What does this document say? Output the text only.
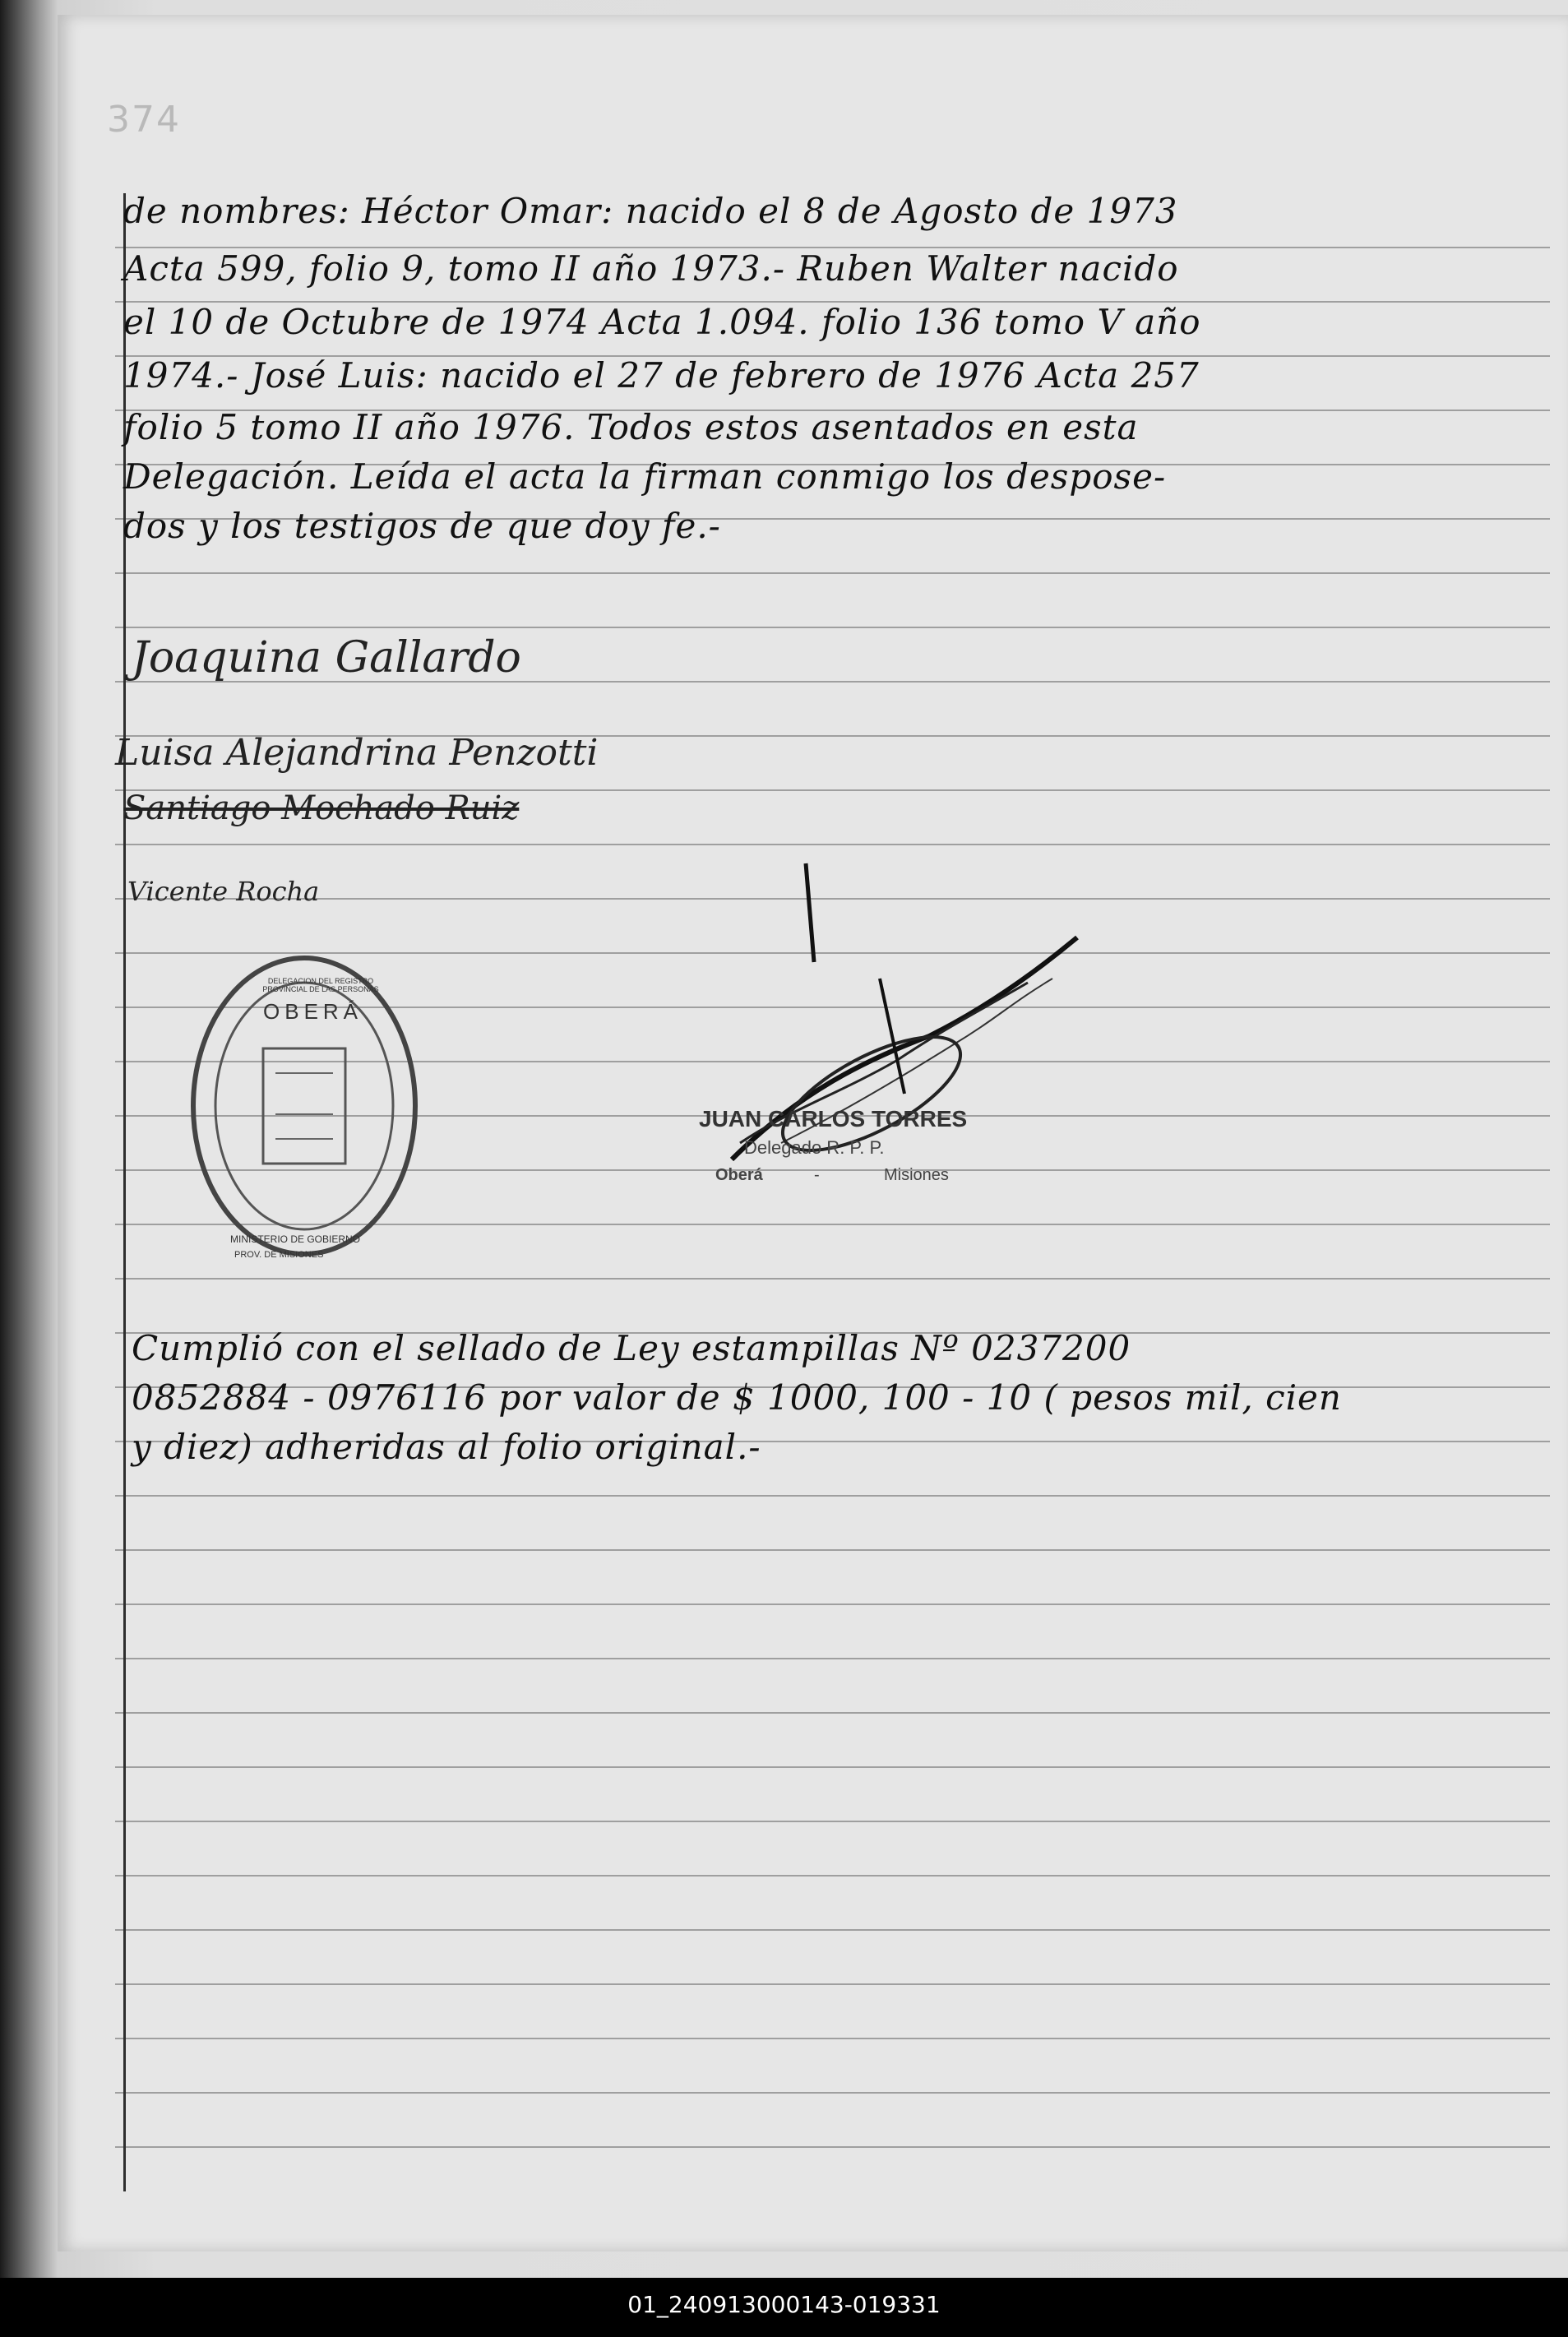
374
de nombres: Héctor Omar: nacido el 8 de Agosto de 1973
Acta 599, folio 9, tomo II año 1973.- Ruben Walter nacido
el 10 de Octubre de 1974 Acta 1.094. folio 136 tomo V año
1974.- José Luis: nacido el 27 de febrero de 1976 Acta 257
folio 5 tomo II año 1976. Todos estos asentados en esta
Delegación. Leída el acta la firman conmigo los despose-
dos y los testigos de que doy fe.-
Joaquina Gallardo
Luisa Alejandrina Penzotti
Santiago Mochado Ruiz
Vicente Rocha
JUAN CARLOS TORRES
Delegado R. P. P.
Oberá	-	Misiones
OBERÁ
DELEGACION DEL REGISTRO PROVINCIAL DE LAS PERSONAS
MINISTERIO DE GOBIERNO
PROV. DE MISIONES
Cumplió con el sellado de Ley estampillas Nº 0237200
0852884 - 0976116 por valor de $ 1000, 100 - 10 ( pesos mil, cien
y diez) adheridas al folio original.-
01_240913000143-019331
